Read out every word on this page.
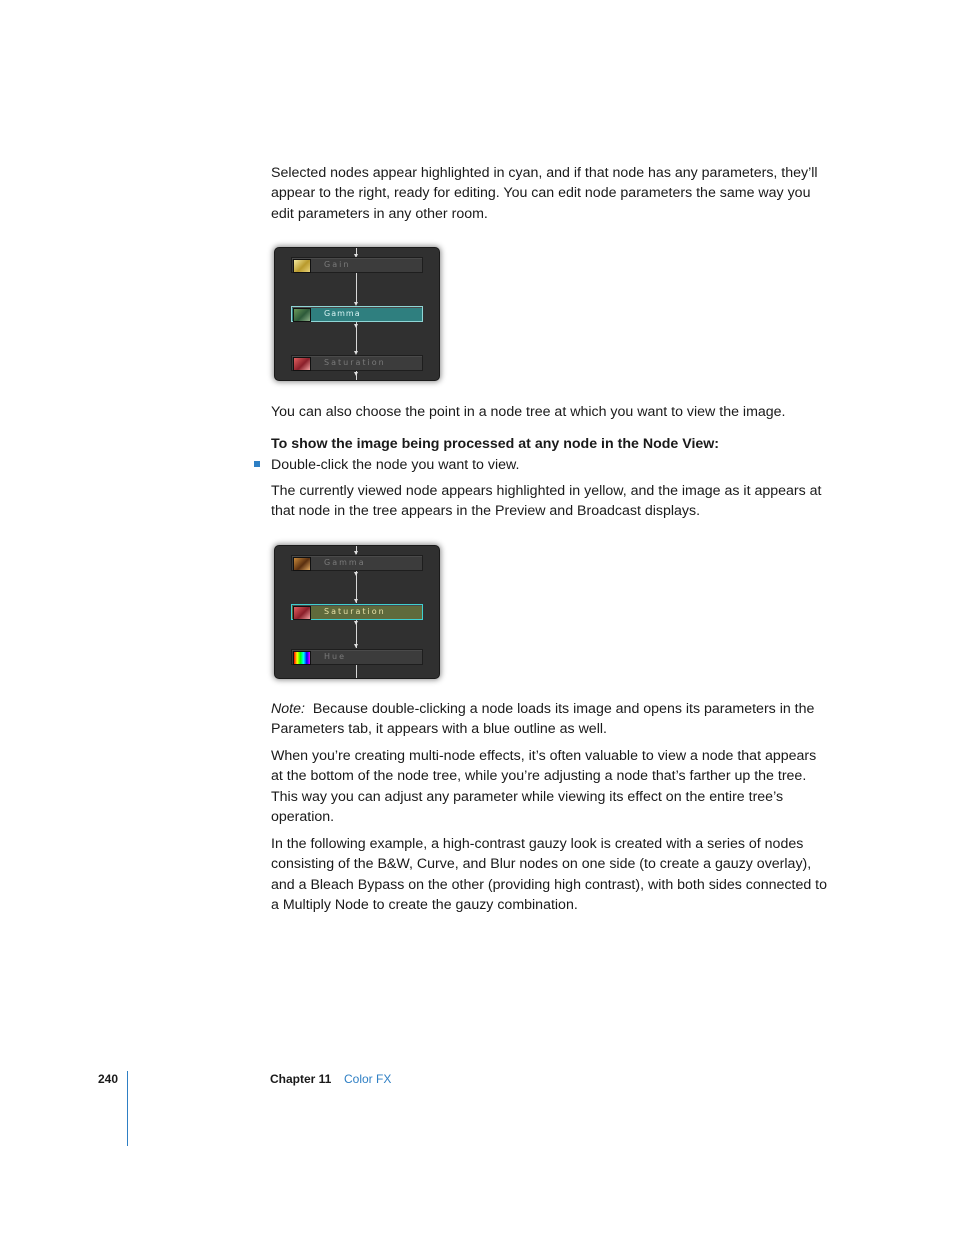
Selected nodes appear highlighted in cyan, and if that node has any parameters, they’ll appear to the right, ready for editing. You can edit node parameters the same way you edit parameters in any other room.

Gain
Gamma
Saturation

You can also choose the point in a node tree at which you want to view the image.

To show the image being processed at any node in the Node View:

Double-click the node you want to view.

The currently viewed node appears highlighted in yellow, and the image as it appears at that node in the tree appears in the Preview and Broadcast displays.

Gamma
Saturation
Hue

Note: Because double-clicking a node loads its image and opens its parameters in the Parameters tab, it appears with a blue outline as well.

When you’re creating multi-node effects, it’s often valuable to view a node that appears at the bottom of the node tree, while you’re adjusting a node that’s farther up the tree. This way you can adjust any parameter while viewing its effect on the entire tree’s operation.

In the following example, a high-contrast gauzy look is created with a series of nodes consisting of the B&W, Curve, and Blur nodes on one side (to create a gauzy overlay), and a Bleach Bypass on the other (providing high contrast), with both sides connected to a Multiply Node to create the gauzy combination.

240	Chapter 11 Color FX
